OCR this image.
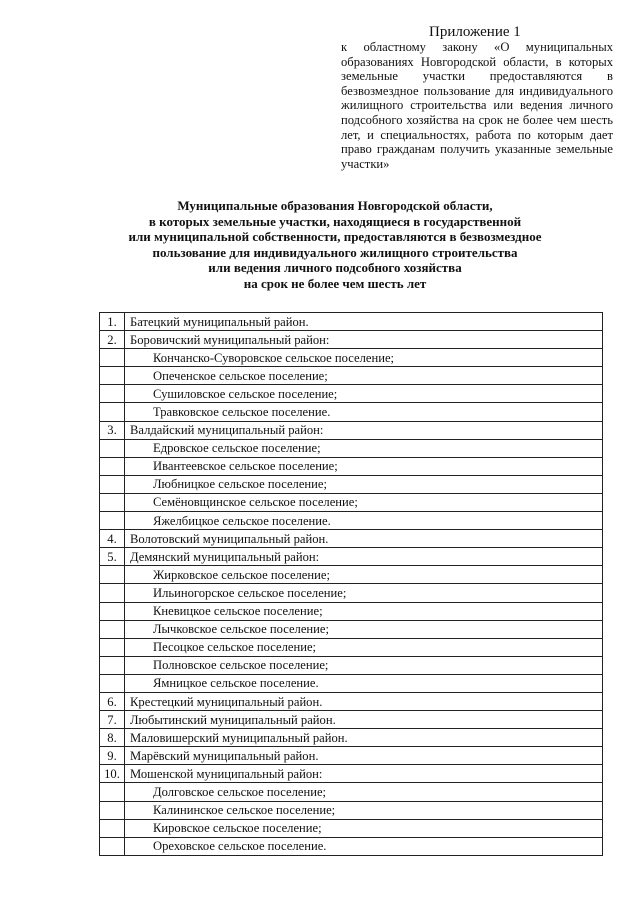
Приложение 1
к областному закону «О муниципальных образованиях Новгородской области, в которых земельные участки предоставляются в безвозмездное пользование для индивидуального жилищного строительства или ведения личного подсобного хозяйства на срок не более чем шесть лет, и специальностях, работа по которым дает право гражданам получить указанные земельные участки»
Муниципальные образования Новгородской области,
в которых земельные участки, находящиеся в государственной
или муниципальной собственности, предоставляются в безвозмездное
пользование для индивидуального жилищного строительства
или ведения личного подсобного хозяйства
на срок не более чем шесть лет
1.	Батецкий муниципальный район.
2.	Боровичский муниципальный район:
	Кончанско-Суворовское сельское поселение;
	Опеченское сельское поселение;
	Сушиловское сельское поселение;
	Травковское сельское поселение.
3.	Валдайский муниципальный район:
	Едровское сельское поселение;
	Ивантеевское сельское поселение;
	Любницкое сельское поселение;
	Семёновщинское сельское поселение;
	Яжелбицкое сельское поселение.
4.	Волотовский муниципальный район.
5.	Демянский муниципальный район:
	Жирковское сельское поселение;
	Ильиногорское сельское поселение;
	Кневицкое сельское поселение;
	Лычковское сельское поселение;
	Песоцкое сельское поселение;
	Полновское сельское поселение;
	Ямницкое сельское поселение.
6.	Крестецкий муниципальный район.
7.	Любытинский муниципальный район.
8.	Маловишерский муниципальный район.
9.	Марёвский муниципальный район.
10.	Мошенской муниципальный район:
	Долговское сельское поселение;
	Калининское сельское поселение;
	Кировское сельское поселение;
	Ореховское сельское поселение.
